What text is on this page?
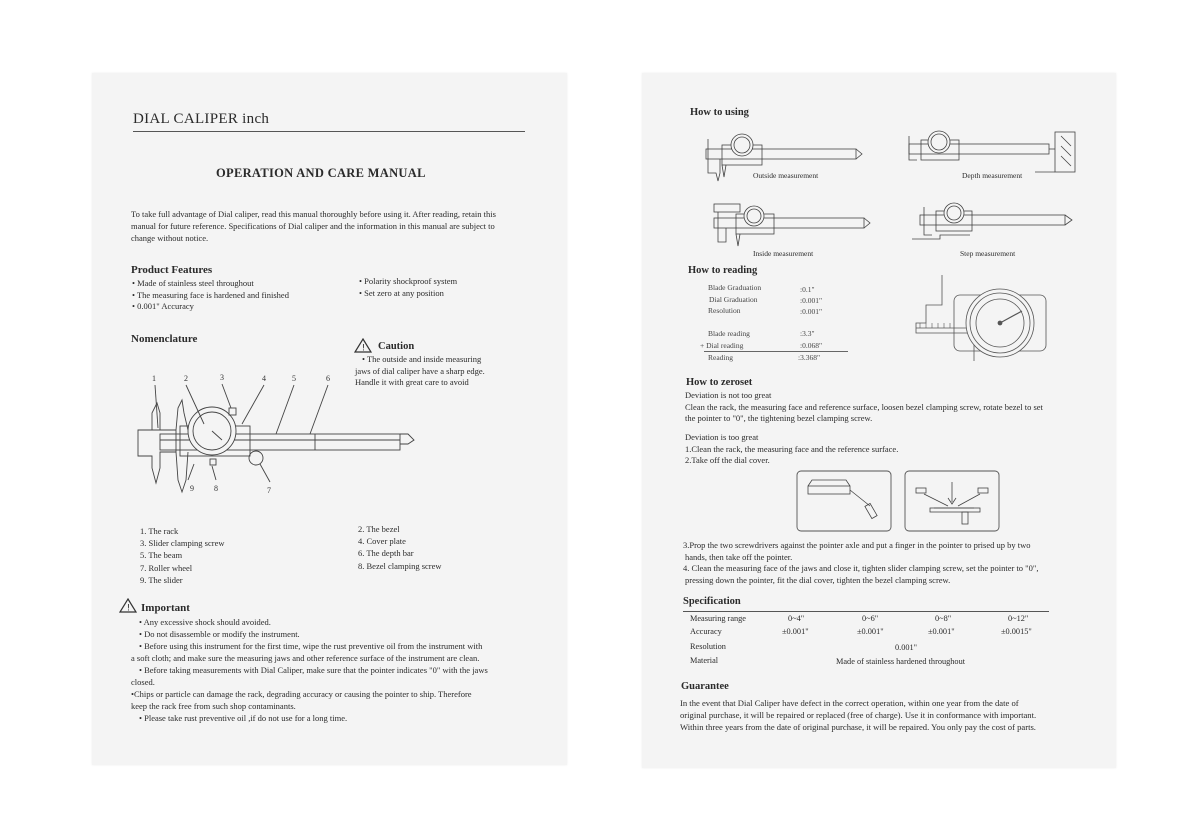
DIAL CALIPER inch
OPERATION AND CARE MANUAL
To take full advantage of Dial caliper, read this manual thoroughly before using it. After reading, retain this
manual for future reference. Specifications of Dial caliper and the information in this manual are subject to
change without notice.
Product Features
• Made of stainless steel throughout
• The measuring face is hardened and finished
• 0.001" Accuracy
• Polarity shockproof system
• Set zero at any position
Nomenclature
! Caution
• The outside and inside measuring
jaws of dial caliper have a sharp edge.
Handle it with great care to avoid
1	2	3	4	5	6
9	8	7
1. The rack
3. Slider clamping screw
5. The beam
7. Roller wheel
9. The slider
2. The bezel
4. Cover plate
6. The depth bar
8. Bezel clamping screw
! Important
• Any excessive shock should avoided.
• Do not disassemble or modify the instrument.
• Before using this instrument for the first time, wipe the rust preventive oil from the instrument with
a soft cloth; and make sure the measuring jaws and other reference surface of the instrument are clean.
• Before taking measurements with Dial Caliper, make sure that the pointer indicates "0" with the jaws
closed.
•Chips or particle can damage the rack, degrading accuracy or causing the pointer to ship. Therefore
keep the rack free from such shop contaminants.
• Please take rust preventive oil ,if do not use for a long time.
How to using
Outside measurement	Depth measurement
Inside measurement	Step measurement
How to reading
Blade Graduation	:0.1"
Dial Graduation	:0.001"
Resolution	:0.001"
Blade reading	:3.3"
+ Dial reading	:0.068"
Reading	:3.368"
How to zeroset
Deviation is not too great
Clean the rack, the measuring face and reference surface, loosen bezel clamping screw, rotate bezel to set
the pointer to "0", the tightening bezel clamping screw.
Deviation is too great
1.Clean the rack, the measuring face and the reference surface.
2.Take off the dial cover.
3.Prop the two screwdrivers against the pointer axle and put a finger in the pointer to prised up by two
hands, then take off the pointer.
4. Clean the measuring face of the jaws and close it, tighten slider clamping screw, set the pointer to "0",
pressing down the pointer, fit the dial cover, tighten the bezel clamping screw.
Specification
Measuring range	0~4"	0~6"	0~8"	0~12"
Accuracy	±0.001"	±0.001"	±0.001"	±0.0015"
Resolution	0.001"
Material	Made of stainless hardened throughout
Guarantee
In the event that Dial Caliper have defect in the correct operation, within one year from the date of
original purchase, it will be repaired or replaced (free of charge). Use it in conformance with important.
Within three years from the date of original purchase, it will be repaired. You only pay the cost of parts.
